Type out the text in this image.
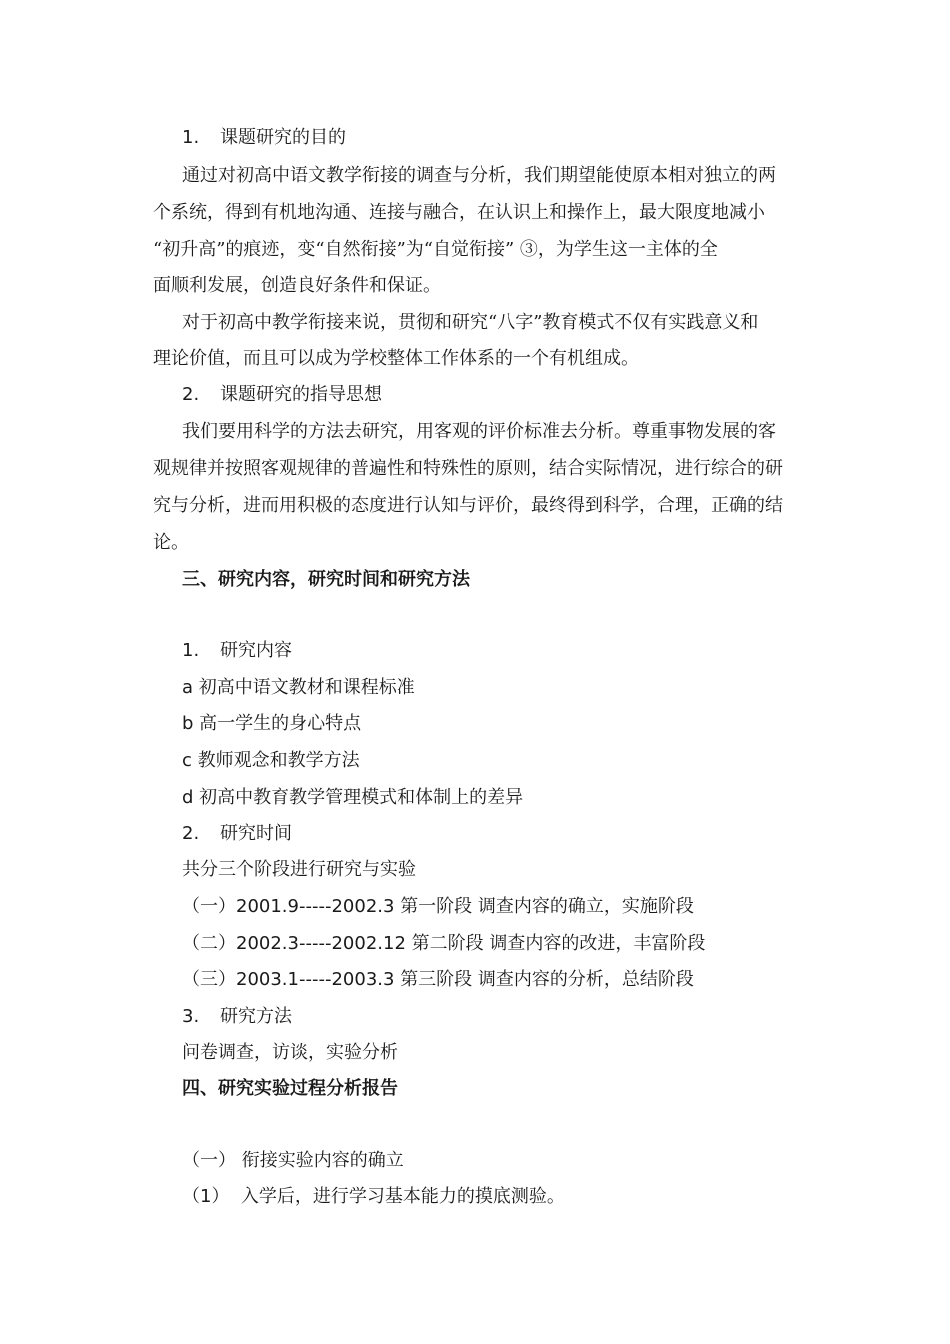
1. 课题研究的目的
通过对初高中语文教学衔接的调查与分析，我们期望能使原本相对独立的两
个系统，得到有机地沟通、连接与融合，在认识上和操作上，最大限度地减小
“初升高”的痕迹，变“自然衔接”为“自觉衔接” ③，为学生这一主体的全
面顺利发展，创造良好条件和保证。
对于初高中教学衔接来说，贯彻和研究“八字”教育模式不仅有实践意义和
理论价值，而且可以成为学校整体工作体系的一个有机组成。
2. 课题研究的指导思想
我们要用科学的方法去研究，用客观的评价标准去分析。尊重事物发展的客
观规律并按照客观规律的普遍性和特殊性的原则，结合实际情况，进行综合的研
究与分析，进而用积极的态度进行认知与评价，最终得到科学，合理，正确的结
论。
三、研究内容，研究时间和研究方法
1. 研究内容
a 初高中语文教材和课程标准
b 高一学生的身心特点
c 教师观念和教学方法
d 初高中教育教学管理模式和体制上的差异
2. 研究时间
共分三个阶段进行研究与实验
（一）2001.9-----2002.3 第一阶段 调查内容的确立，实施阶段
（二）2002.3-----2002.12 第二阶段 调查内容的改进，丰富阶段
（三）2003.1-----2003.3 第三阶段 调查内容的分析，总结阶段
3. 研究方法
问卷调查，访谈，实验分析
四、研究实验过程分析报告
（一） 衔接实验内容的确立
（1） 入学后，进行学习基本能力的摸底测验。
